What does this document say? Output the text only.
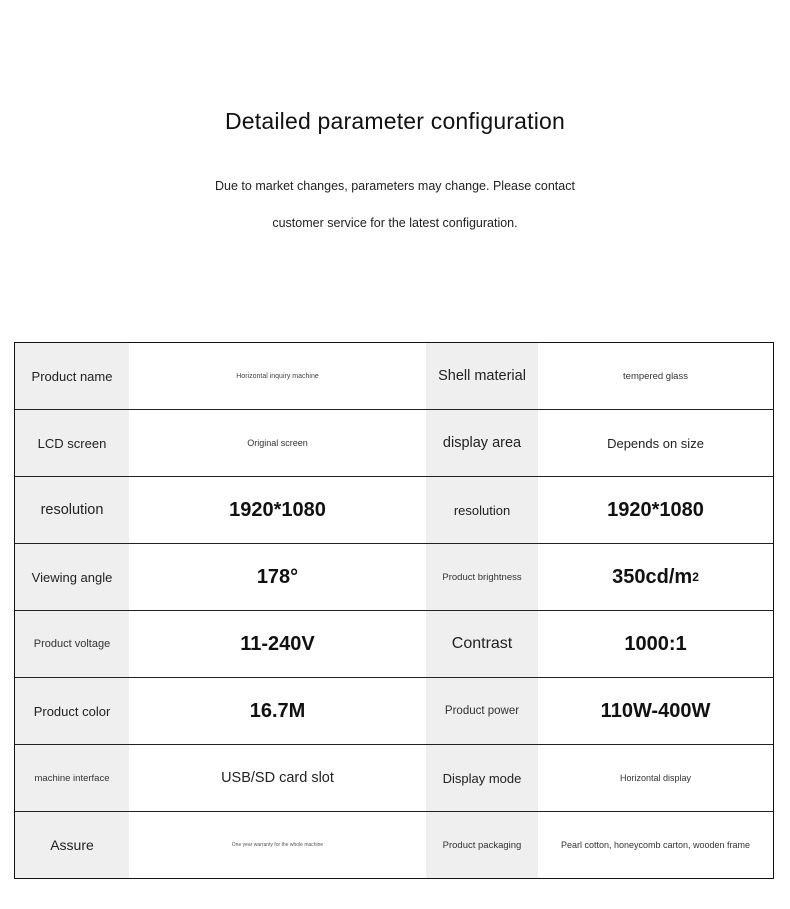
Detailed parameter configuration
Due to market changes, parameters may change. Please contact
customer service for the latest configuration.
Product name	Horizontal inquiry machine	Shell material	tempered glass
LCD screen	Original screen	display area	Depends on size
resolution	1920*1080	resolution	1920*1080
Viewing angle	178°	Product brightness	350cd/m 2
Product voltage	11-240V	Contrast	1000:1
Product color	16.7M	Product power	110W-400W
machine interface	USB/SD card slot	Display mode	Horizontal display
Assure	One year warranty for the whole machine	Product packaging	Pearl cotton, honeycomb carton, wooden frame
